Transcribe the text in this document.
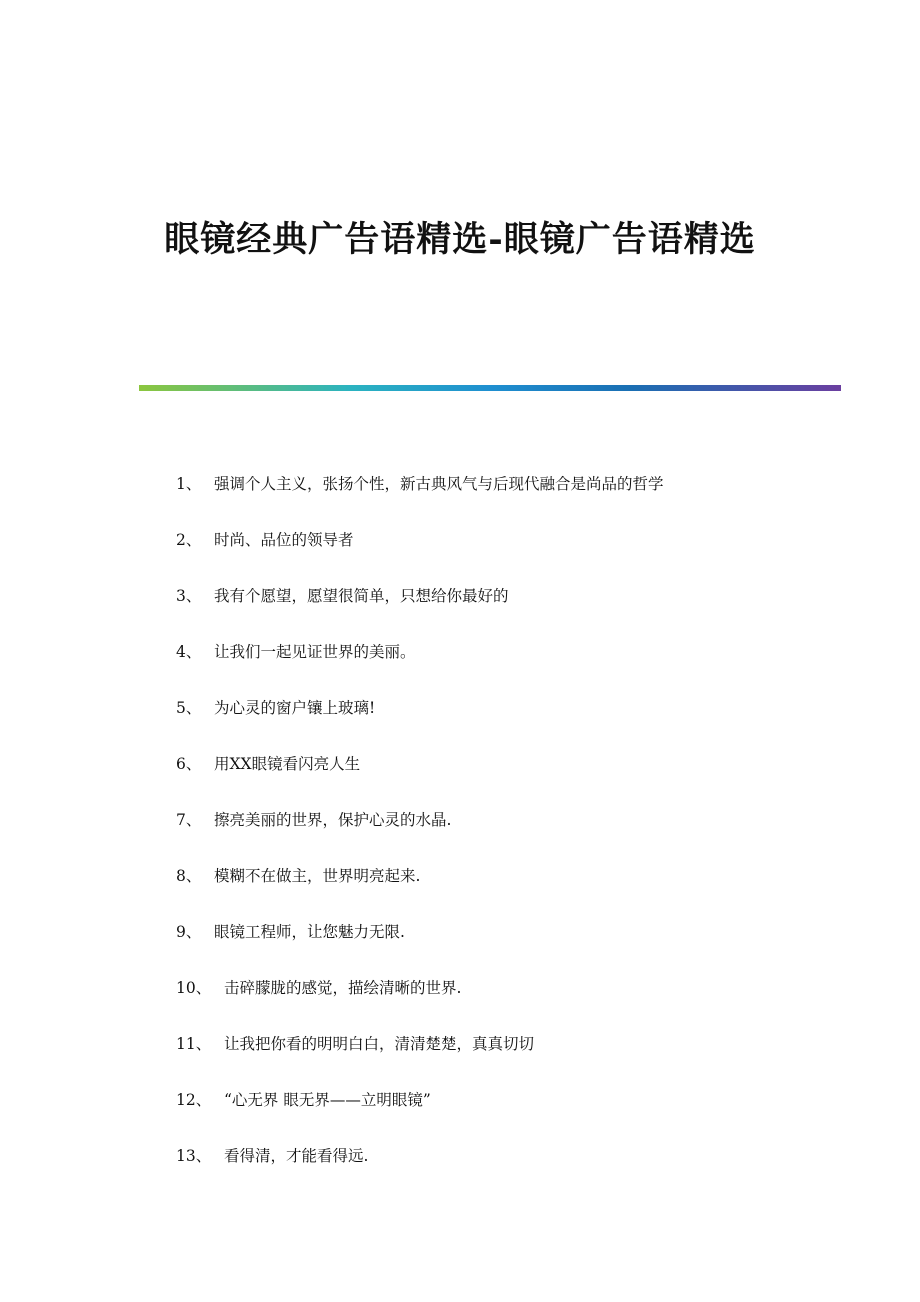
眼镜经典广告语精选-眼镜广告语精选
1、 强调个人主义，张扬个性，新古典风气与后现代融合是尚品的哲学
2、 时尚、品位的领导者
3、 我有个愿望，愿望很简单，只想给你最好的
4、 让我们一起见证世界的美丽。
5、 为心灵的窗户镶上玻璃!
6、 用XX眼镜看闪亮人生
7、 擦亮美丽的世界，保护心灵的水晶.
8、 模糊不在做主，世界明亮起来.
9、 眼镜工程师，让您魅力无限.
10、 击碎朦胧的感觉，描绘清晰的世界.
11、 让我把你看的明明白白，清清楚楚，真真切切
12、 “心无界 眼无界——立明眼镜”
13、 看得清，才能看得远.
